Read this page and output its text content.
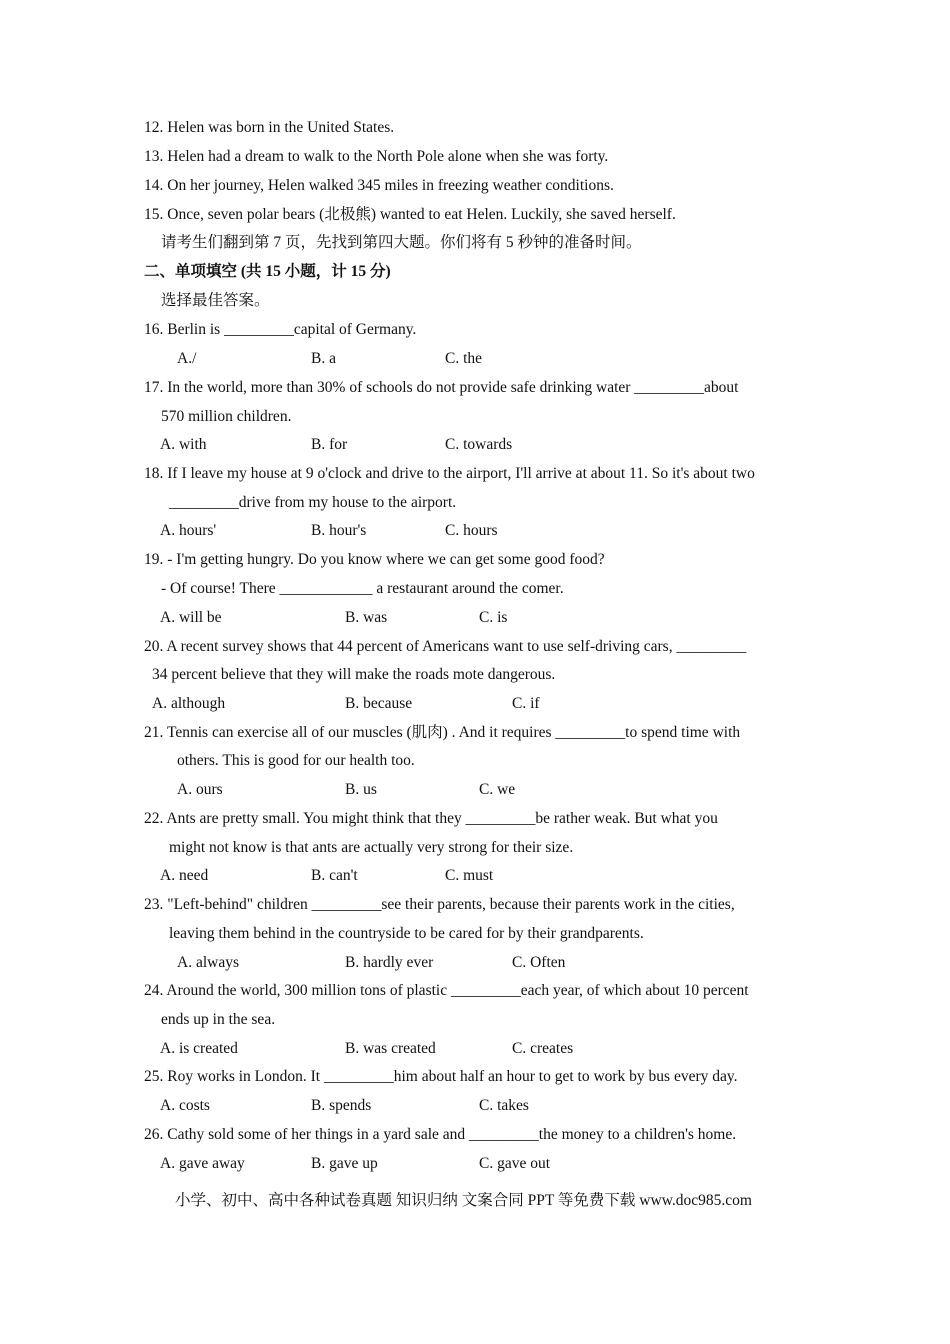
12. Helen was born in the United States.
13. Helen had a dream to walk to the North Pole alone when she was forty.
14. On her journey, Helen walked 345 miles in freezing weather conditions.
15. Once, seven polar bears (北极熊) wanted to eat Helen. Luckily, she saved herself.
请考生们翻到第 7 页，先找到第四大题。你们将有 5 秒钟的准备时间。
二、单项填空 (共 15 小题，计 15 分)
选择最佳答案。
16. Berlin is _________capital of Germany.
A./	B. a	C. the
17. In the world, more than 30% of schools do not provide safe drinking water _________about
570 million children.
A. with	B. for	C. towards
18. If I leave my house at 9 o'clock and drive to the airport, I'll arrive at about 11. So it's about two
_________drive from my house to the airport.
A. hours'	B. hour's	C. hours
19. - I'm getting hungry. Do you know where we can get some good food?
- Of course! There ____________ a restaurant around the comer.
A. will be	B. was	C. is
20. A recent survey shows that 44 percent of Americans want to use self-driving cars, _________
34 percent believe that they will make the roads mote dangerous.
A. although	B. because	C. if
21. Tennis can exercise all of our muscles (肌肉) . And it requires _________to spend time with
others. This is good for our health too.
A. ours	B. us	C. we
22. Ants are pretty small. You might think that they _________be rather weak. But what you
might not know is that ants are actually very strong for their size.
A. need	B. can't	C. must
23. "Left-behind" children _________see their parents, because their parents work in the cities,
leaving them behind in the countryside to be cared for by their grandparents.
A. always	B. hardly ever	C. Often
24. Around the world, 300 million tons of plastic _________each year, of which about 10 percent
ends up in the sea.
A. is created	B. was created	C. creates
25. Roy works in London. It _________him about half an hour to get to work by bus every day.
A. costs	B. spends	C. takes
26. Cathy sold some of her things in a yard sale and _________the money to a children's home.
A. gave away	B. gave up	C. gave out
小学、初中、高中各种试卷真题 知识归纳 文案合同 PPT 等免费下载 www.doc985.com
